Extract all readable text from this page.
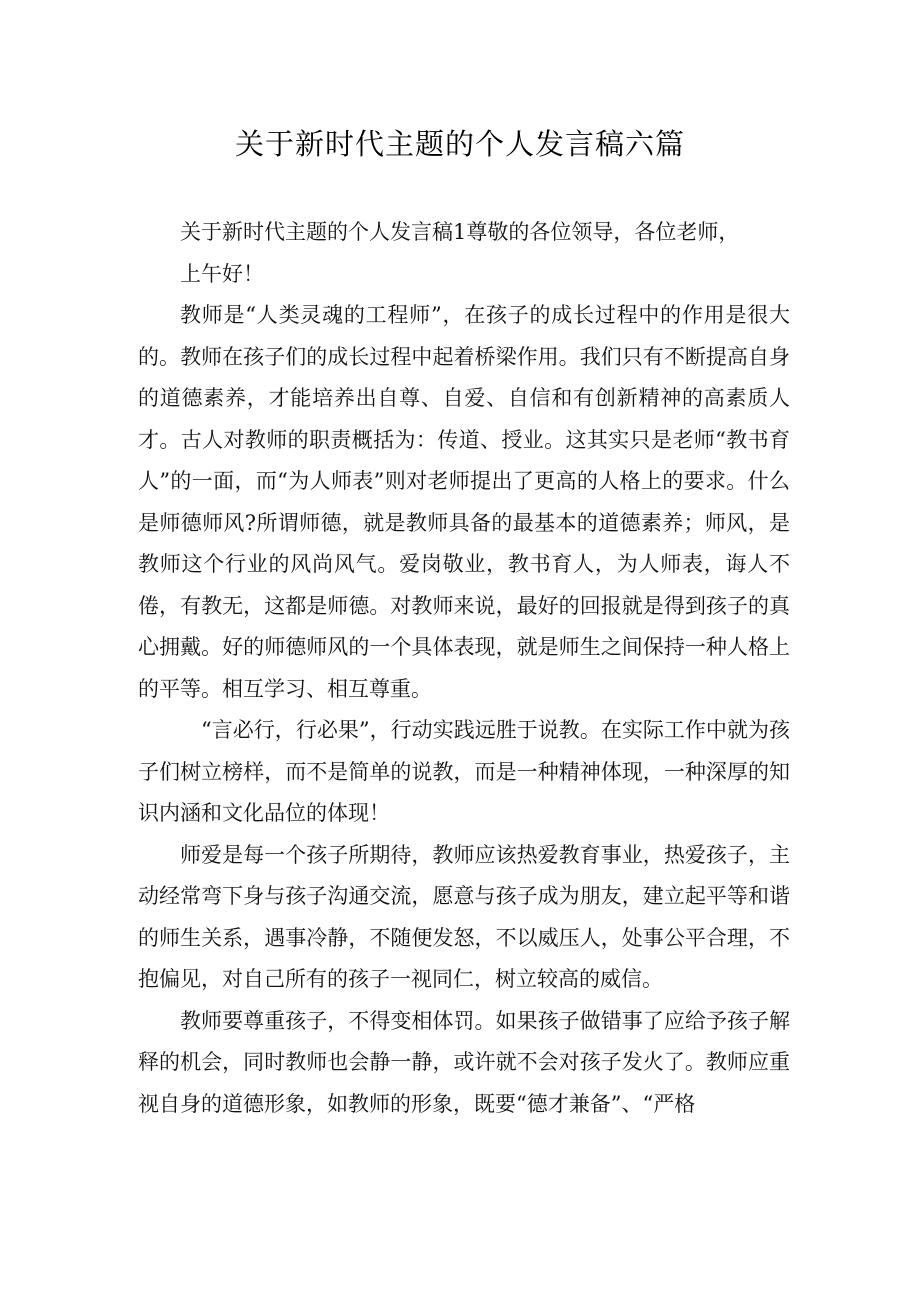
关于新时代主题的个人发言稿六篇

关于新时代主题的个人发言稿1尊敬的各位领导，各位老师，

上午好！

教师是“人类灵魂的工程师”，在孩子的成长过程中的作用是很大的。教师在孩子们的成长过程中起着桥梁作用。我们只有不断提高自身的道德素养，才能培养出自尊、自爱、自信和有创新精神的高素质人才。古人对教师的职责概括为：传道、授业。这其实只是老师“教书育人”的一面，而“为人师表”则对老师提出了更高的人格上的要求。什么是师德师风?所谓师德，就是教师具备的最基本的道德素养；师风，是教师这个行业的风尚风气。爱岗敬业，教书育人，为人师表，诲人不倦，有教无，这都是师德。对教师来说，最好的回报就是得到孩子的真心拥戴。好的师德师风的一个具体表现，就是师生之间保持一种人格上的平等。相互学习、相互尊重。

“言必行，行必果”，行动实践远胜于说教。在实际工作中就为孩子们树立榜样，而不是简单的说教，而是一种精神体现，一种深厚的知识内涵和文化品位的体现！

师爱是每一个孩子所期待，教师应该热爱教育事业，热爱孩子，主动经常弯下身与孩子沟通交流，愿意与孩子成为朋友，建立起平等和谐的师生关系，遇事冷静，不随便发怒，不以威压人，处事公平合理，不抱偏见，对自己所有的孩子一视同仁，树立较高的威信。

教师要尊重孩子，不得变相体罚。如果孩子做错事了应给予孩子解释的机会，同时教师也会静一静，或许就不会对孩子发火了。教师应重视自身的道德形象，如教师的形象，既要“德才兼备”、“严格
